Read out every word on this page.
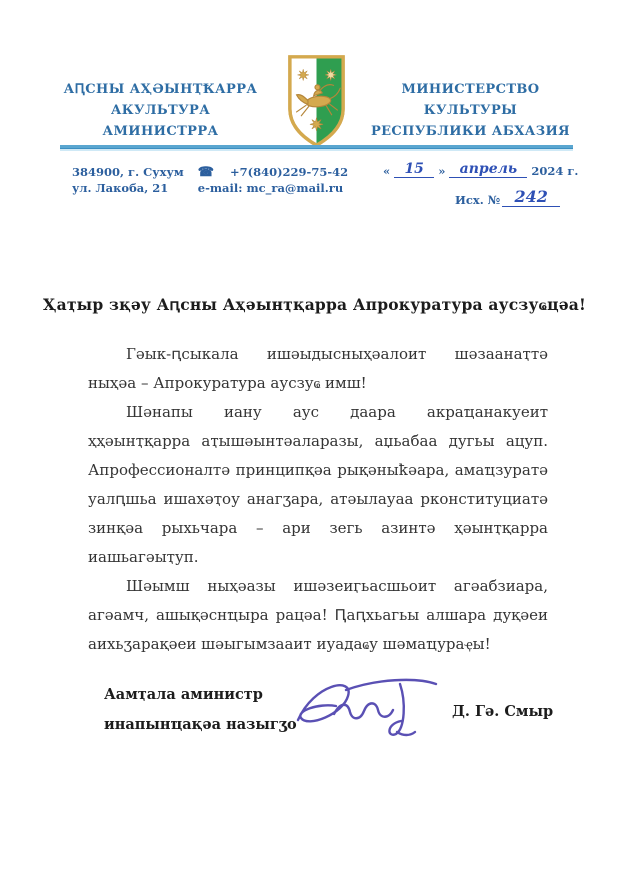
АԤСНЫ АҲӘЫНҬҞАРРА
АКУЛЬТУРА АМИНИСТРРА
МИНИСТЕРСТВО КУЛЬТУРЫ
РЕСПУБЛИКИ АБХАЗИЯ
384900, г. Сухум
ул. Лакоба, 21
☎ +7(840)229-75-42
e-mail: mc_ra@mail.ru
«	15	»	апрель	2024 г.
Исх. № 242
Ҳаҭыр зқәу Аԥсны Аҳәынҭқарра Апрокуратура аусзуҩцәа!

Гәык-ԥсыкала ишәыдысныҳәалоит шәзаанаҭтә ныҳәа – Апрокуратура аусзуҩ имш!

Шәнапы иану аус даара акраҵанакуеит ҳҳәынҭқарра аҭышәынтәаларазы, аџьабаа дугьы ацуп. Апрофессионалтә принципқәа рықәныҟәара, амаҵзуратә уалԥшьа ишахәҭоу анагӡара, атәылауаа рконституциатә зинқәа рыхьчара – ари зегь азинтә ҳәынҭқарра иашьагәыҭуп.

Шәымш ныҳәазы ишәзеиӷьасшьоит агәабзиара, агәамч, ашықәснҵыра рацәа! Ԥаԥхьагьы алшара дуқәеи аихьӡарақәеи шәыгымзааит иуадаҩу шәмаҵураҿы!

Аамҭала аминистр
инапынҵақәа назыгӡо
Д. Гә. Смыр
